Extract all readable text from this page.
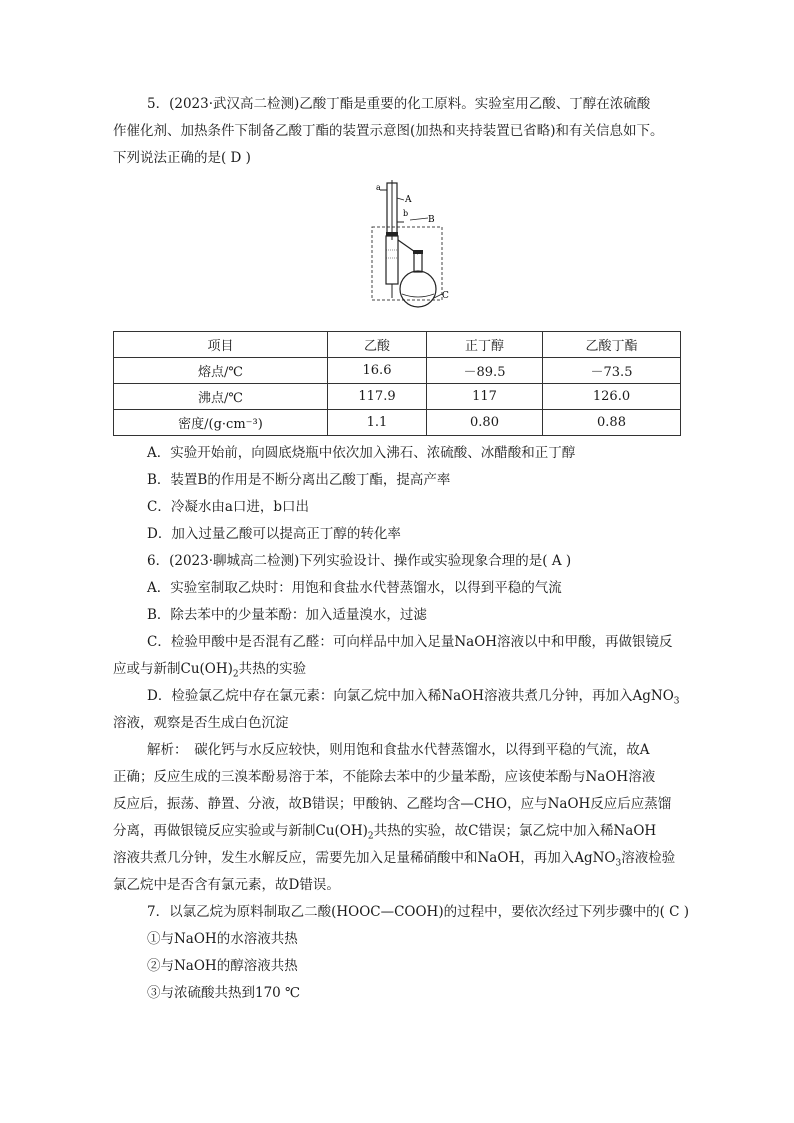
5．(2023·武汉高二检测)乙酸丁酯是重要的化工原料。实验室用乙酸、丁醇在浓硫酸
作催化剂、加热条件下制备乙酸丁酯的装置示意图(加热和夹持装置已省略)和有关信息如下。
下列说法正确的是( D )
a
b
A
B
C
项目	乙酸	正丁醇	乙酸丁酯
熔点/℃	16.6	－89.5	－73.5
沸点/℃	117.9	117	126.0
密度/(g·cm⁻³)	1.1	0.80	0.88
A．实验开始前，向圆底烧瓶中依次加入沸石、浓硫酸、冰醋酸和正丁醇
B．装置B的作用是不断分离出乙酸丁酯，提高产率
C．冷凝水由a口进，b口出
D．加入过量乙酸可以提高正丁醇的转化率
6．(2023·聊城高二检测)下列实验设计、操作或实验现象合理的是( A )
A．实验室制取乙炔时：用饱和食盐水代替蒸馏水，以得到平稳的气流
B．除去苯中的少量苯酚：加入适量溴水，过滤
C．检验甲酸中是否混有乙醛：可向样品中加入足量NaOH溶液以中和甲酸，再做银镜反
应或与新制$Cu(OH)_2$共热的实验
D．检验氯乙烷中存在氯元素：向氯乙烷中加入稀NaOH溶液共煮几分钟，再加入AgNO$_3$
溶液，观察是否生成白色沉淀
解析：　碳化钙与水反应较快，则用饱和食盐水代替蒸馏水，以得到平稳的气流，故A
正确；反应生成的三溴苯酚易溶于苯，不能除去苯中的少量苯酚，应该使苯酚与NaOH溶液
反应后，振荡、静置、分液，故B错误；甲酸钠、乙醛均含—CHO，应与NaOH反应后应蒸馏
分离，再做银镜反应实验或与新制$Cu(OH)_2$共热的实验，故C错误；氯乙烷中加入稀NaOH
溶液共煮几分钟，发生水解反应，需要先加入足量稀硝酸中和NaOH，再加入AgNO$_3$溶液检验
氯乙烷中是否含有氯元素，故D错误。
7．以氯乙烷为原料制取乙二酸(HOOC—COOH)的过程中，要依次经过下列步骤中的( C )
①与NaOH的水溶液共热
②与NaOH的醇溶液共热
③与浓硫酸共热到170 ℃
